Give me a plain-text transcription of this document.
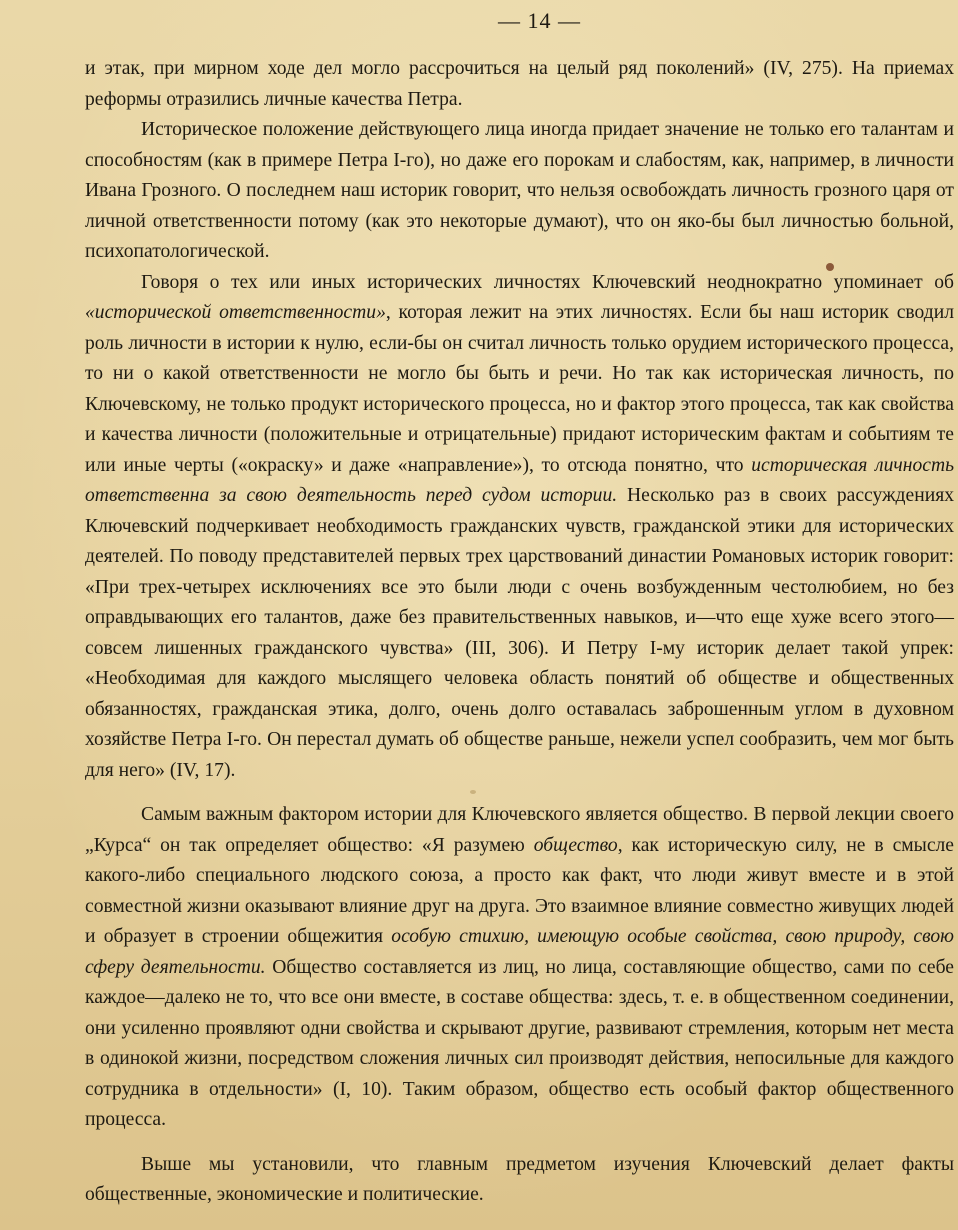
— 14 —

и этак, при мирном ходе дел могло рассрочиться на целый ряд поколений» (IV, 275). На приемах реформы отразились личные качества Петра.

Историческое положение действующего лица иногда придает значение не только его талантам и способностям (как в примере Петра I-го), но даже его порокам и слабостям, как, например, в личности Ивана Грозного. О последнем наш историк говорит, что нельзя освобождать личность грозного царя от личной ответственности потому (как это некоторые думают), что он яко-бы был личностью больной, психопатологической.

Говоря о тех или иных исторических личностях Ключевский неоднократно упоминает об «исторической ответственности», которая лежит на этих личностях. Если бы наш историк сводил роль личности в истории к нулю, если-бы он считал личность только орудием исторического процесса, то ни о какой ответственности не могло бы быть и речи. Но так как историческая личность, по Ключевскому, не только продукт исторического процесса, но и фактор этого процесса, так как свойства и качества личности (положительные и отрицательные) придают историческим фактам и событиям те или иные черты («окраску» и даже «направление»), то отсюда понятно, что историческая личность ответственна за свою деятельность перед судом истории. Несколько раз в своих рассуждениях Ключевский подчеркивает необходимость гражданских чувств, гражданской этики для исторических деятелей. По поводу представителей первых трех царствований династии Романовых историк говорит: «При трех-четырех исключениях все это были люди с очень возбужденным честолюбием, но без оправдывающих его талантов, даже без правительственных навыков, и—что еще хуже всего этого—совсем лишенных гражданского чувства» (III, 306). И Петру I-му историк делает такой упрек: «Необходимая для каждого мыслящего человека область понятий об обществе и общественных обязанностях, гражданская этика, долго, очень долго оставалась заброшенным углом в духовном хозяйстве Петра I-го. Он перестал думать об обществе раньше, нежели успел сообразить, чем мог быть для него» (IV, 17).

Самым важным фактором истории для Ключевского является общество. В первой лекции своего „Курса“ он так определяет общество: «Я разумею общество, как историческую силу, не в смысле какого-либо специального людского союза, а просто как факт, что люди живут вместе и в этой совместной жизни оказывают влияние друг на друга. Это взаимное влияние совместно живущих людей и образует в строении общежития особую стихию, имеющую особые свойства, свою природу, свою сферу деятельности. Общество составляется из лиц, но лица, составляющие общество, сами по себе каждое—далеко не то, что все они вместе, в составе общества: здесь, т. е. в общественном соединении, они усиленно проявляют одни свойства и скрывают другие, развивают стремления, которым нет места в одинокой жизни, посредством сложения личных сил производят действия, непосильные для каждого сотрудника в отдельности» (I, 10). Таким образом, общество есть особый фактор общественного процесса.

Выше мы установили, что главным предметом изучения Ключевский делает факты общественные, экономические и политические.
